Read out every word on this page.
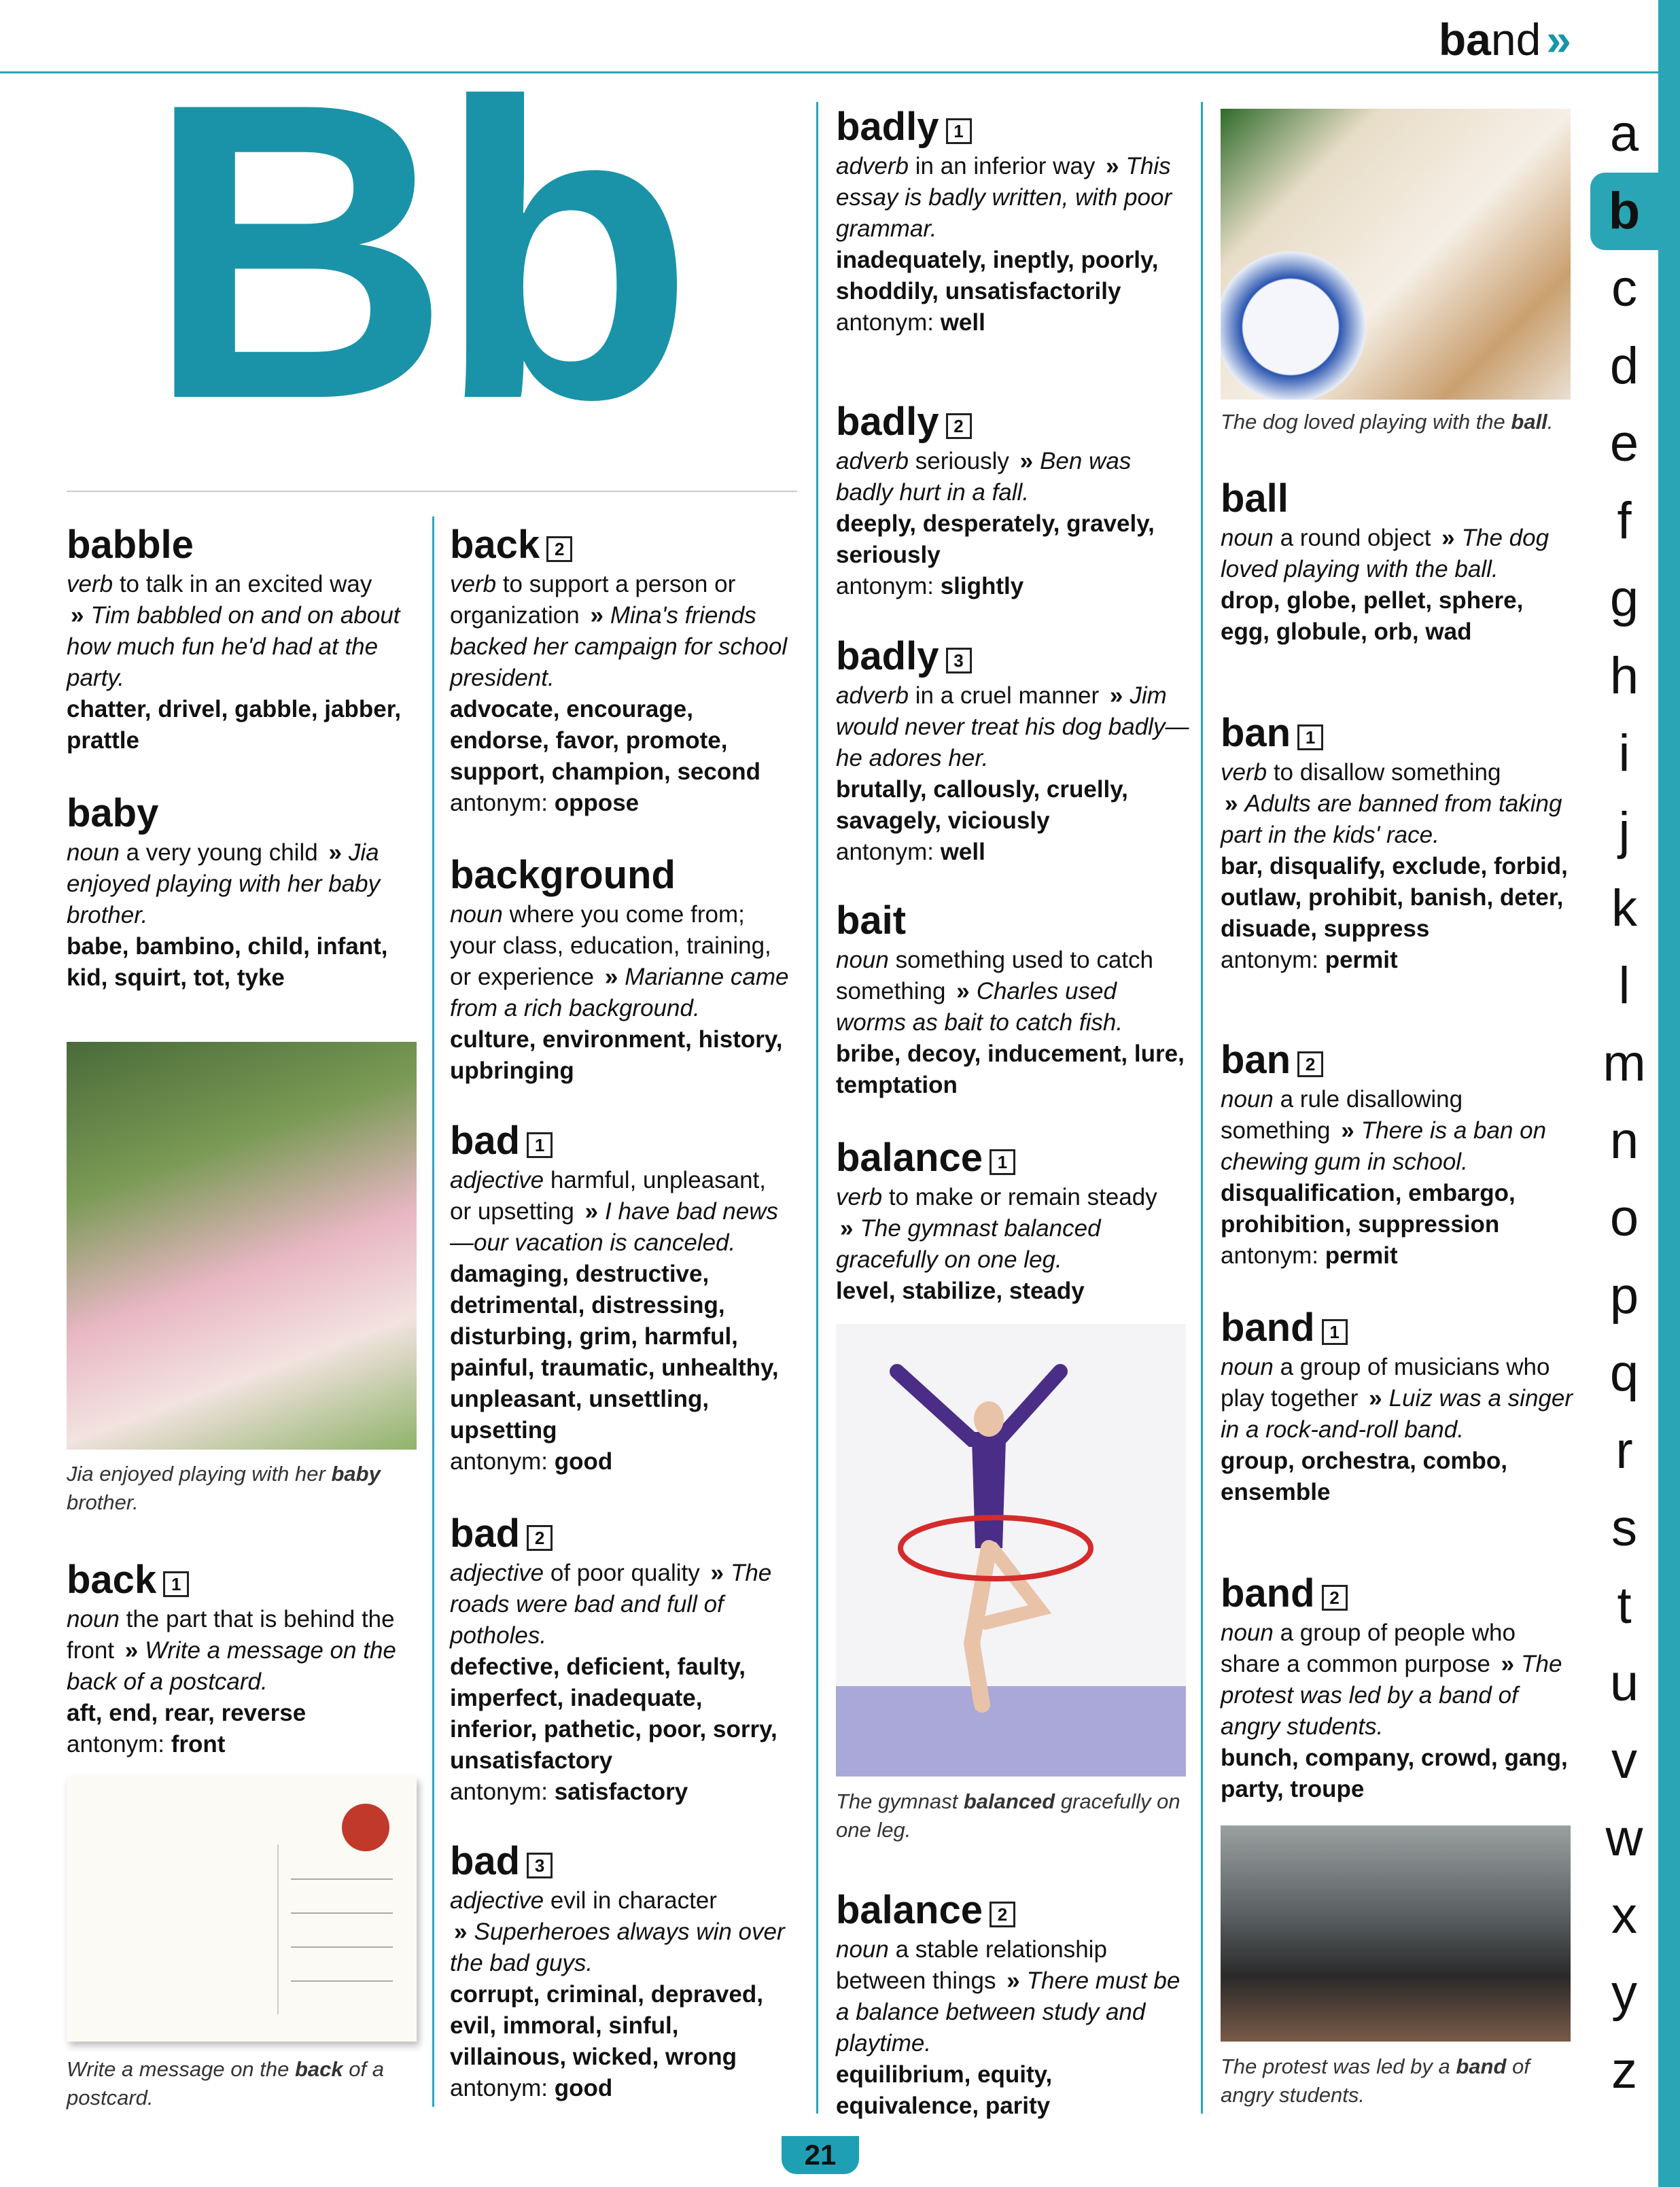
band »
Bb
Jia enjoyed playing with her baby brother.
Write a message on the back of a postcard.
The gymnast balanced gracefully on one leg.
The dog loved playing with the ball.
The protest was led by a band of angry students.
babble
verb to talk in an excited way » Tim babbled on and on about how much fun he'd had at the party.
chatter, drivel, gabble, jabber, prattle
baby
noun a very young child » Jia enjoyed playing with her baby brother.
babe, bambino, child, infant, kid, squirt, tot, tyke
back 1
noun the part that is behind the front » Write a message on the back of a postcard.
aft, end, rear, reverse
antonym: front
back 2
verb to support a person or organization » Mina's friends backed her campaign for school president.
advocate, encourage, endorse, favor, promote, support, champion, second
antonym: oppose
background
noun where you come from; your class, education, training, or experience » Marianne came from a rich background.
culture, environment, history, upbringing
bad 1
adjective harmful, unpleasant, or upsetting » I have bad news—our vacation is canceled.
damaging, destructive, detrimental, distressing, disturbing, grim, harmful, painful, traumatic, unhealthy, unpleasant, unsettling, upsetting
antonym: good
bad 2
adjective of poor quality » The roads were bad and full of potholes.
defective, deficient, faulty, imperfect, inadequate, inferior, pathetic, poor, sorry, unsatisfactory
antonym: satisfactory
bad 3
adjective evil in character » Superheroes always win over the bad guys.
corrupt, criminal, depraved, evil, immoral, sinful, villainous, wicked, wrong
antonym: good
badly 1
adverb in an inferior way » This essay is badly written, with poor grammar.
inadequately, ineptly, poorly, shoddily, unsatisfactorily
antonym: well
badly 2
adverb seriously » Ben was badly hurt in a fall.
deeply, desperately, gravely, seriously
antonym: slightly
badly 3
adverb in a cruel manner » Jim would never treat his dog badly—he adores her.
brutally, callously, cruelly, savagely, viciously
antonym: well
bait
noun something used to catch something » Charles used worms as bait to catch fish.
bribe, decoy, inducement, lure, temptation
balance 1
verb to make or remain steady » The gymnast balanced gracefully on one leg.
level, stabilize, steady
balance 2
noun a stable relationship between things » There must be a balance between study and playtime.
equilibrium, equity, equivalence, parity
ball
noun a round object » The dog loved playing with the ball.
drop, globe, pellet, sphere, egg, globule, orb, wad
ban 1
verb to disallow something » Adults are banned from taking part in the kids' race.
bar, disqualify, exclude, forbid, outlaw, prohibit, banish, deter, disuade, suppress
antonym: permit
ban 2
noun a rule disallowing something » There is a ban on chewing gum in school.
disqualification, embargo, prohibition, suppression
antonym: permit
band 1
noun a group of musicians who play together » Luiz was a singer in a rock-and-roll band.
group, orchestra, combo, ensemble
band 2
noun a group of people who share a common purpose » The protest was led by a band of angry students.
bunch, company, crowd, gang, party, troupe
a
b
c
d
e
f
g
h
i
j
k
l
m
n
o
p
q
r
s
t
u
v
w
x
y
z
21
